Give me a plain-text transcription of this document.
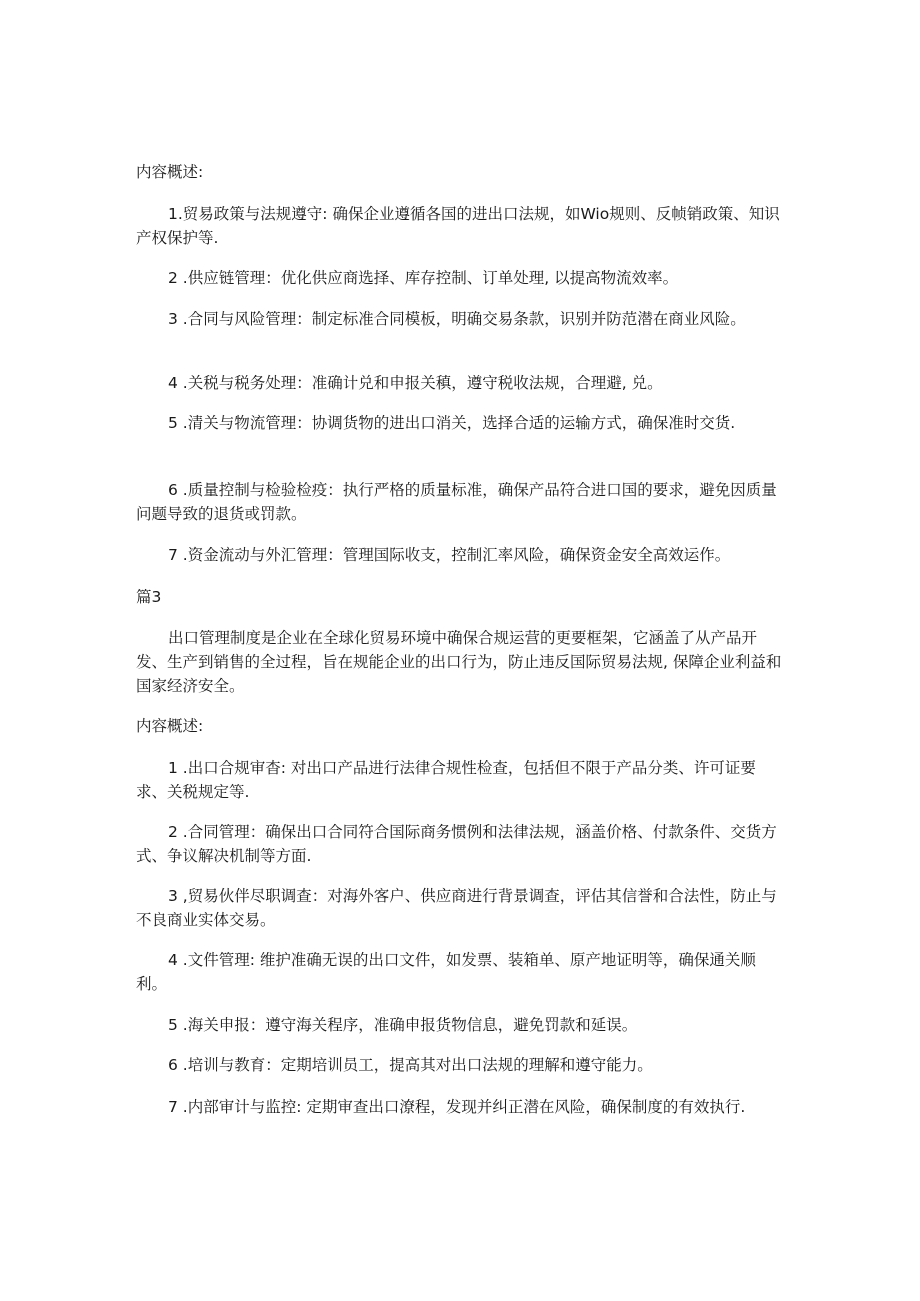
内容概述:

1.贸易政策与法规遵守: 确保企业遵循各国的进出口法规，如Wio规则、反帧销政策、知识产权保护等.

2 .供应链管理：优化供应商选择、库存控制、订单处理, 以提高物流效率。

3 .合同与风险管理：制定标准合同模板，明确交易条款，识别并防范潜在商业风险。

4 .关税与税务处理：准确计兑和申报关稹，遵守税收法规，合理避, 兑。

5 .清关与物流管理：协调货物的进出口消关，选择合适的运输方式，确保准时交货.

6 .质量控制与检验检疫：执行严格的质量标准，确保产品符合进口国的要求，避免因质量问题导致的退货或罚款。

7 .资金流动与外汇管理：管理国际收支，控制汇率风险，确保资金安全高效运作。

篇3

出口管理制度是企业在全球化贸易环境中确保合规运营的更要框架，它涵盖了从产品开发、生产到销售的全过程，旨在规能企业的出口行为，防止违反国际贸易法规, 保障企业利益和国家经济安全。

内容概述:

1 .出口合规审杳: 对出口产品进行法律合规性检查，包括但不限于产品分类、许可证要求、关税规定等.

2 .合同管理：确保出口合同符合国际商务惯例和法律法规，涵盖价格、付款条件、交货方式、争议解决机制等方面.

3 ,贸易伙伴尽职调查：对海外客户、供应商进行背景调查，评估其信誉和合法性，防止与不良商业实体交易。

4 .文件管理: 维护准确无误的出口文件，如发票、装箱单、原产地证明等，确保通关顺利。

5 .海关申报：遵守海关程序，准确申报货物信息，避免罚款和延误。

6 .培训与教育：定期培训员工，提高其对出口法规的理解和遵守能力。

7 .内部审计与监控: 定期审查出口潦程，发现并纠正潜在风险，确保制度的有效执行.
